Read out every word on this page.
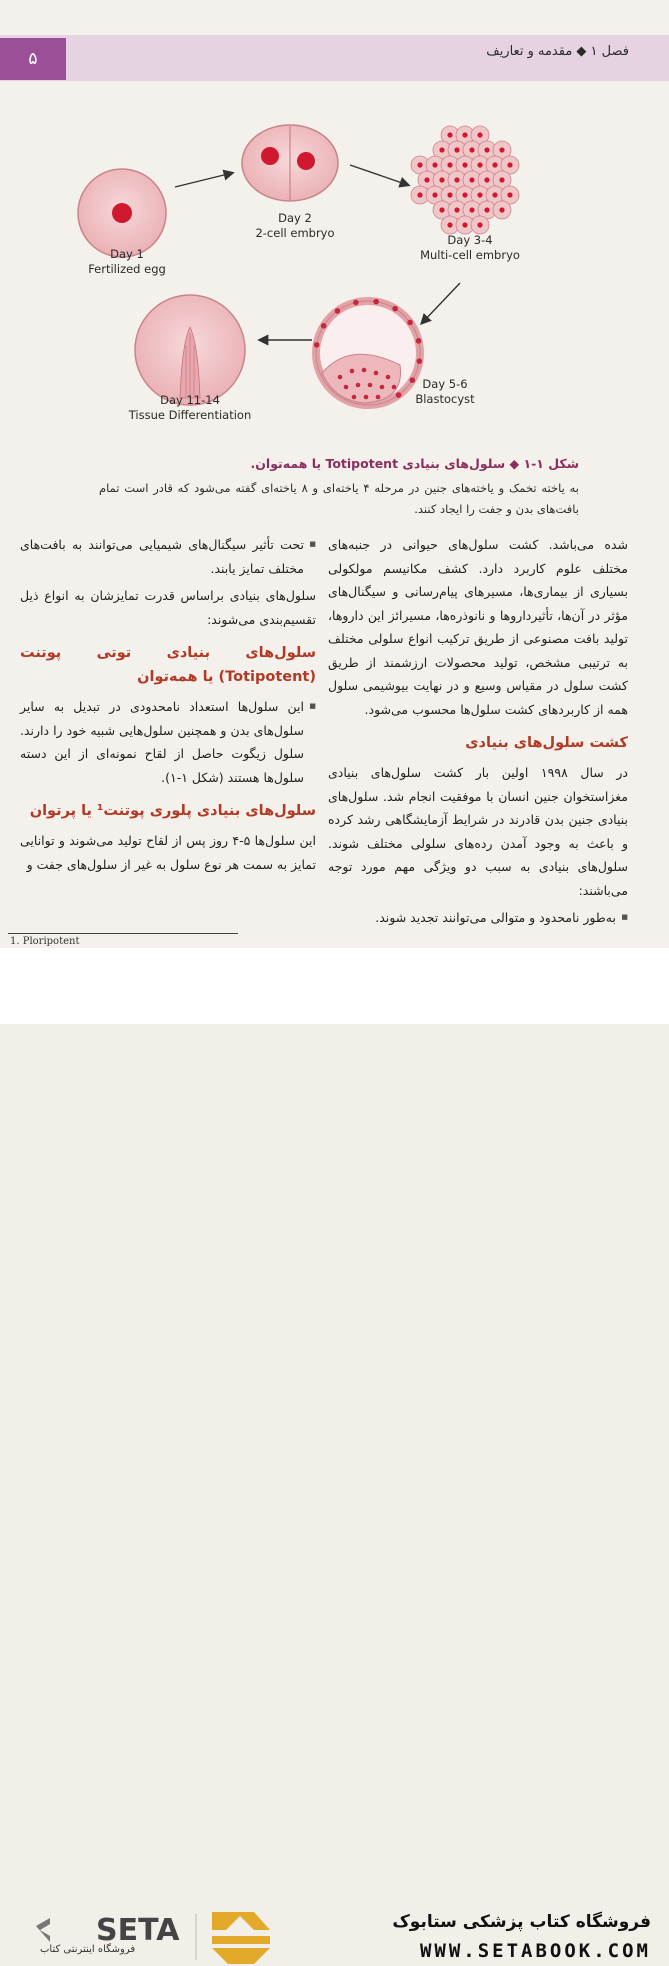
۵	فصل ۱ ◆ مقدمه و تعاریف
Day 1
Fertilized egg
Day 2
2-cell embryo	Day 3-4
Multi-cell embryo
Day 5-6
Blastocyst
Day 11-14
Tissue Differentiation
شکل ۱-۱ ◆ سلول‌های بنیادی Totipotent یا همه‌توان.
به یاخته تخمک و یاخته‌های جنین در مرحله ۴ یاخته‌ای و ۸ یاخته‌ای گفته می‌شود که قادر است تمام بافت‌های بدن و جفت را ایجاد کنند.

شده می‌باشد. کشت سلول‌های حیوانی در جنبه‌های مختلف علوم کاربرد دارد. کشف مکانیسم مولکولی بسیاری از بیماری‌ها، مسیرهای پیام‌رسانی و سیگنال‌های مؤثر در آن‌ها، تأثیرداروها و نانوذره‌ها، مسیرائز این داروها، تولید بافت مصنوعی از طریق ترکیب انواع سلولی مختلف به ترتیبی مشخص، تولید محصولات ارزشمند از طریق کشت سلول در مقیاس وسیع و در نهایت بیوشیمی سلول همه از کاربردهای کشت سلول‌ها محسوب می‌شود.

کشت سلول‌های بنیادی

در سال ۱۹۹۸ اولین بار کشت سلول‌های بنیادی مغزاستخوان جنین انسان با موفقیت انجام شد. سلول‌های بنیادی جنین بدن قادرند در شرایط آزمایشگاهی رشد کرده و باعث به وجود آمدن رده‌های سلولی مختلف شوند. سلول‌های بنیادی به سبب دو ویژگی مهم مورد توجه می‌باشند:

■ به‌طور نامحدود و متوالی می‌توانند تجدید شوند.

■ تحت تأثیر سیگنال‌های شیمیایی می‌توانند به بافت‌های مختلف تمایز یابند.

سلول‌های بنیادی براساس قدرت تمایزشان به انواع ذیل تقسیم‌بندی می‌شوند:

سلول‌های بنیادی توتی پوتنت (Totipotent) یا همه‌توان

■ این سلول‌ها استعداد نامحدودی در تبدیل به سایر سلول‌های بدن و همچنین سلول‌هایی شبیه خود را دارند. سلول زیگوت حاصل از لقاح نمونه‌ای از این دسته سلول‌ها هستند (شکل ۱-۱).

سلول‌های بنیادی پلوری پوتنت¹ یا پرتوان

این سلول‌ها ۵-۴ روز پس از لقاح تولید می‌شوند و توانایی تمایز به سمت هر نوع سلول به غیر از سلول‌های جفت و

1. Ploripotent
SETA
فروشگاه اینترنتی کتاب
فروشگاه کتاب پزشکی ستابوک
WWW.SETABOOK.COM
